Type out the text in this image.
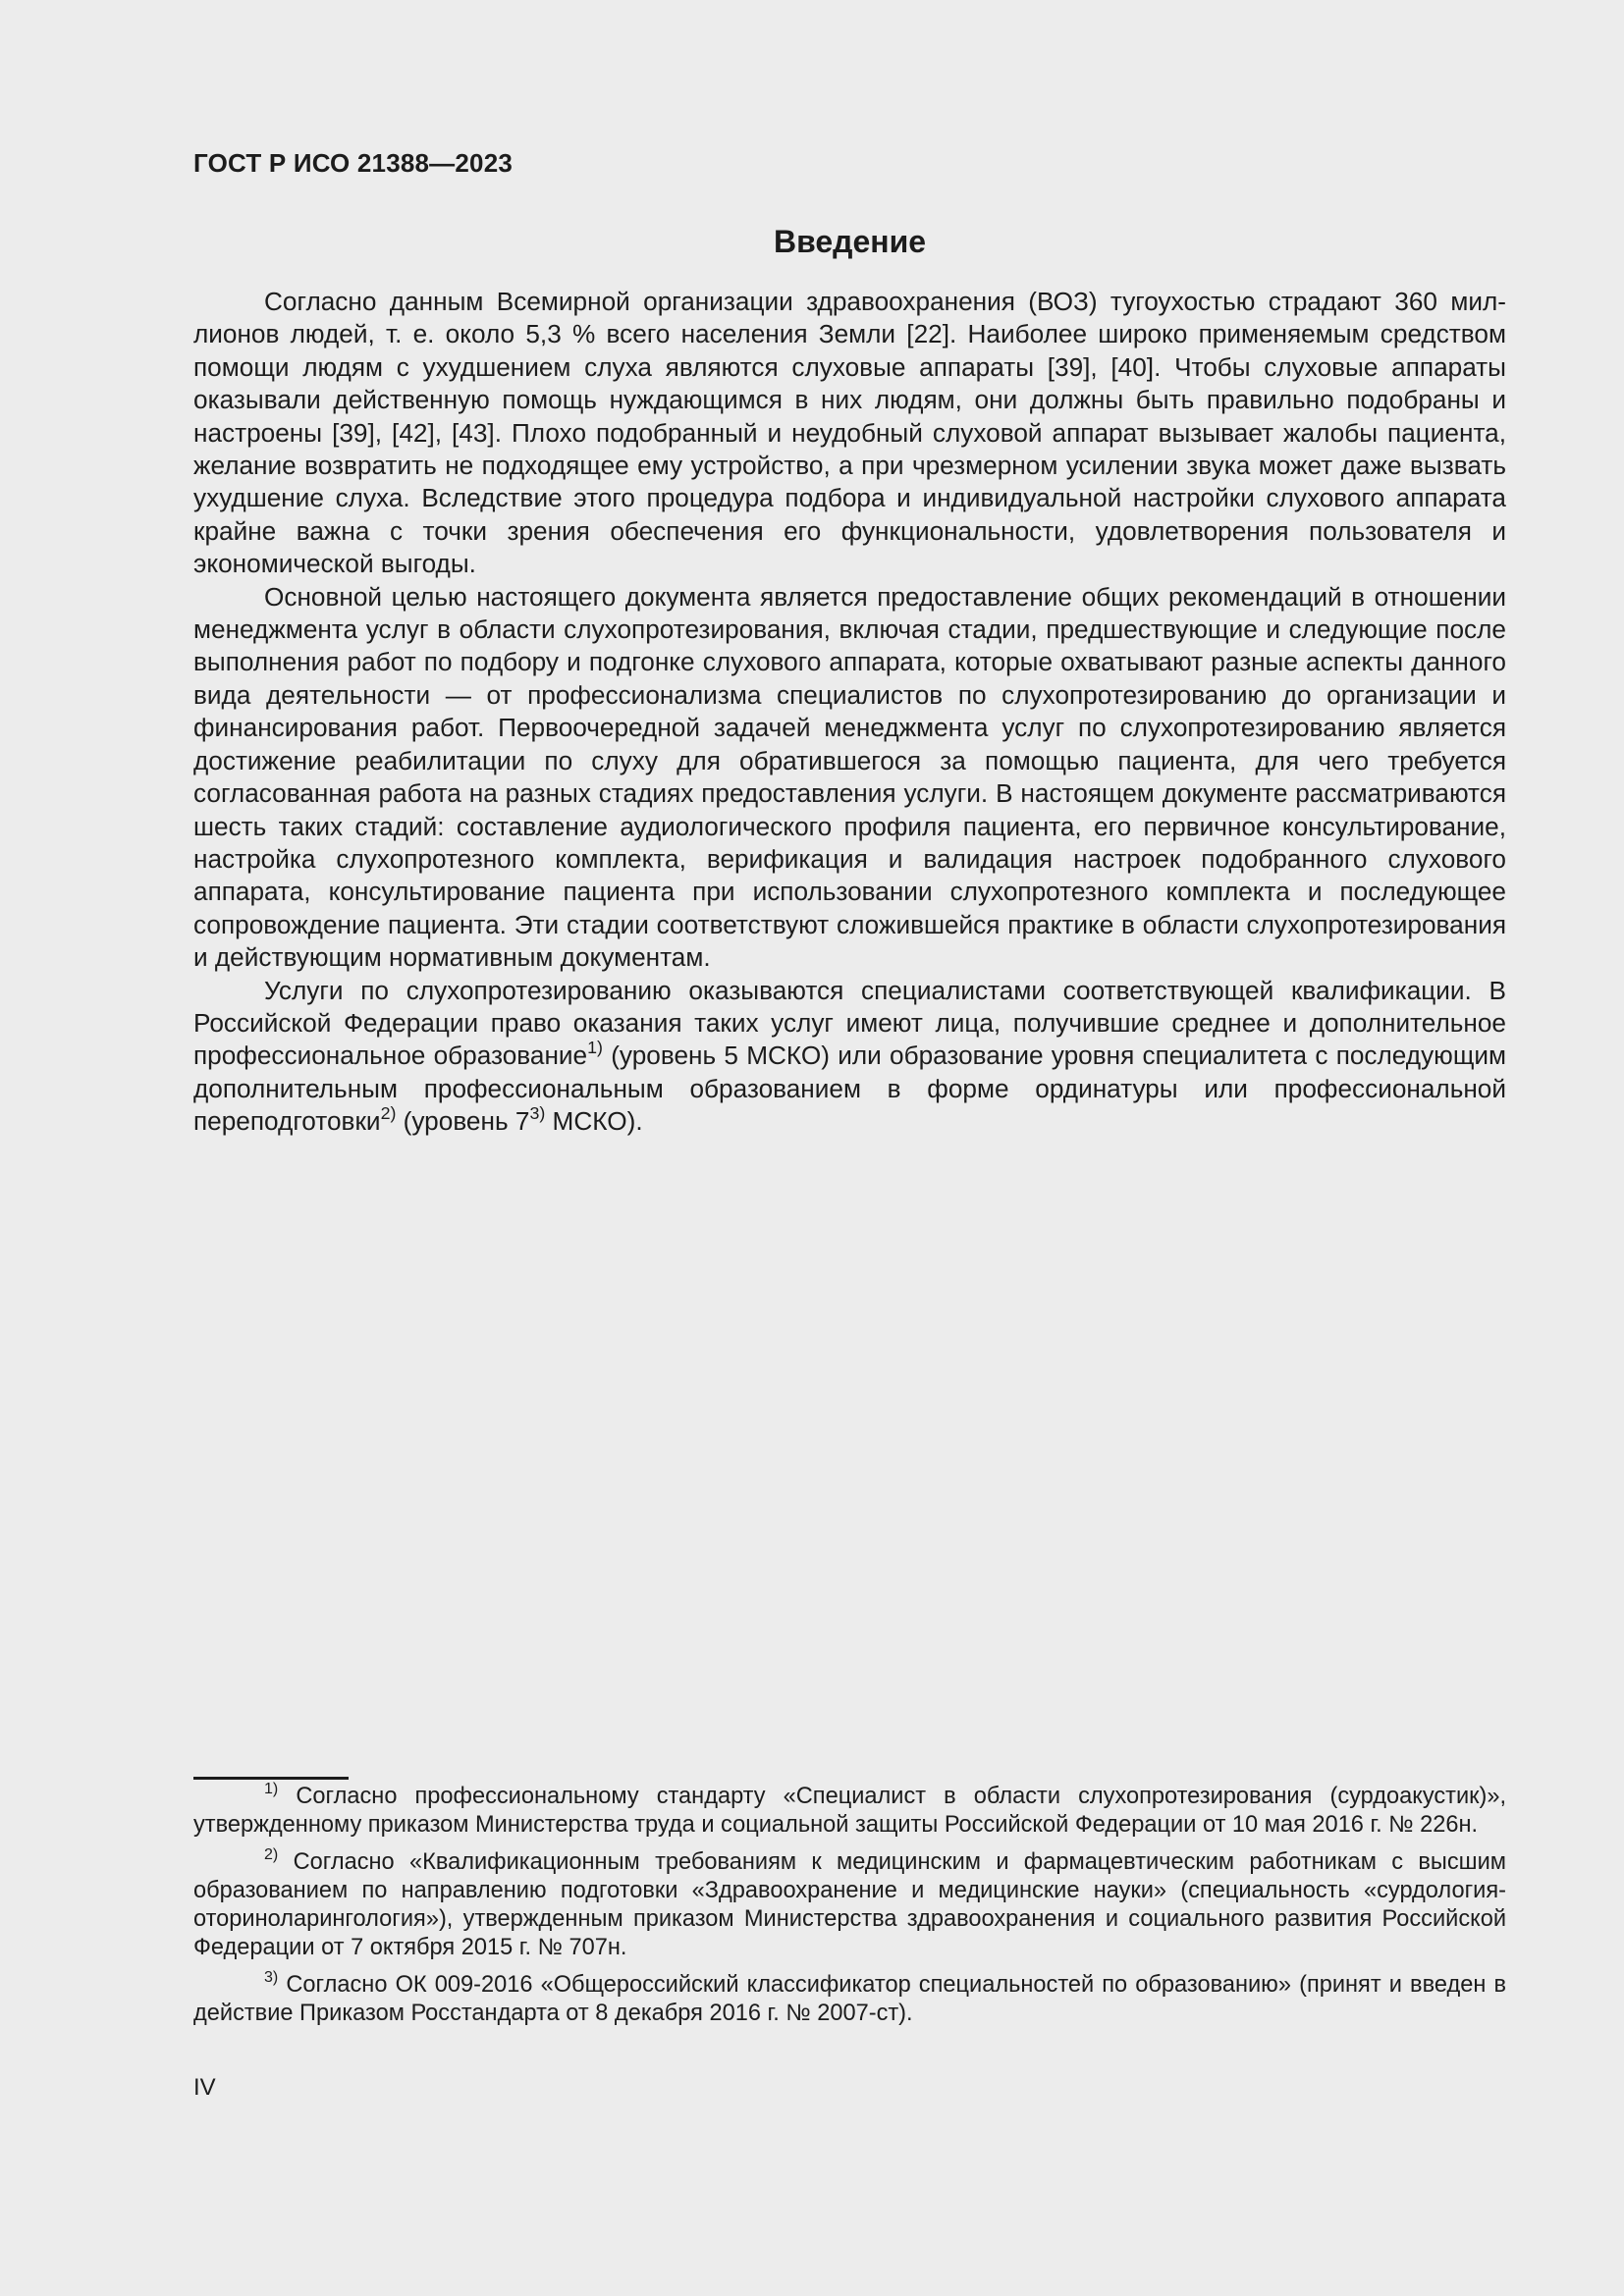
ГОСТ Р ИСО 21388—2023
Введение

Согласно данным Всемирной организации здравоохранения (ВОЗ) тугоухостью страдают 360 миллионов людей, т. е. около 5,3 % всего населения Земли [22]. Наиболее широко применяемым средством помощи людям с ухудшением слуха являются слуховые аппараты [39], [40]. Чтобы слуховые аппараты оказывали действенную помощь нуждающимся в них людям, они должны быть правильно подобраны и настроены [39], [42], [43]. Плохо подобранный и неудобный слуховой аппарат вызывает жалобы пациента, желание возвратить не подходящее ему устройство, а при чрезмерном усилении звука может даже вызвать ухудшение слуха. Вследствие этого процедура подбора и индивидуальной настройки слухового аппарата крайне важна с точки зрения обеспечения его функциональности, удовлетворения пользователя и экономической выгоды.

Основной целью настоящего документа является предоставление общих рекомендаций в отношении менеджмента услуг в области слухопротезирования, включая стадии, предшествующие и следующие после выполнения работ по подбору и подгонке слухового аппарата, которые охватывают разные аспекты данного вида деятельности — от профессионализма специалистов по слухопротезированию до организации и финансирования работ. Первоочередной задачей менеджмента услуг по слухопротезированию является достижение реабилитации по слуху для обратившегося за помощью пациента, для чего требуется согласованная работа на разных стадиях предоставления услуги. В настоящем документе рассматриваются шесть таких стадий: составление аудиологического профиля пациента, его первичное консультирование, настройка слухопротезного комплекта, верификация и валидация настроек подобранного слухового аппарата, консультирование пациента при использовании слухопротезного комплекта и последующее сопровождение пациента. Эти стадии соответствуют сложившейся практике в области слухопротезирования и действующим нормативным документам.

Услуги по слухопротезированию оказываются специалистами соответствующей квалификации. В Российской Федерации право оказания таких услуг имеют лица, получившие среднее и дополнительное профессиональное образование$^{1)}$ (уровень 5 МСКО) или образование уровня специалитета с последующим дополнительным профессиональным образованием в форме ординатуры или профессиональной переподготовки$^{2)}$ (уровень 7$^{3)}$ МСКО).

$^{1)}$ Согласно профессиональному стандарту «Специалист в области слухопротезирования (сурдоакустик)», утвержденному приказом Министерства труда и социальной защиты Российской Федерации от 10 мая 2016 г. № 226н.

$^{2)}$ Согласно «Квалификационным требованиям к медицинским и фармацевтическим работникам с высшим образованием по направлению подготовки «Здравоохранение и медицинские науки» (специальность «сурдология-оториноларингология»), утвержденным приказом Министерства здравоохранения и социального развития Российской Федерации от 7 октября 2015 г. № 707н.

$^{3)}$ Согласно ОК 009-2016 «Общероссийский классификатор специальностей по образованию» (принят и введен в действие Приказом Росстандарта от 8 декабря 2016 г. № 2007-ст).

IV
